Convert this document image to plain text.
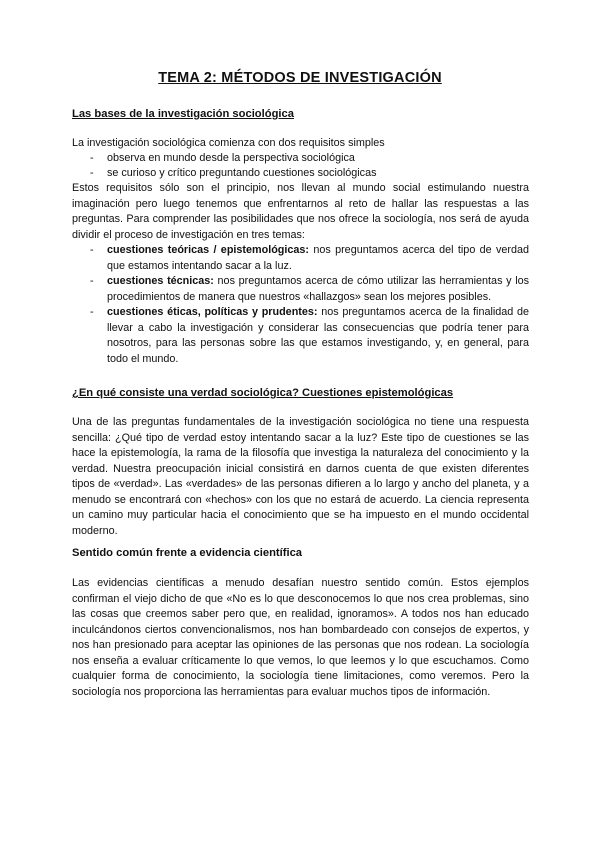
TEMA 2: MÉTODOS DE INVESTIGACIÓN
Las bases de la investigación sociológica
La investigación sociológica comienza con dos requisitos simples
-	observa en mundo desde la perspectiva sociológica
-	se curioso y crítico preguntando cuestiones sociológicas
Estos requisitos sólo son el principio, nos llevan al mundo social estimulando nuestra imaginación pero luego tenemos que enfrentarnos al reto de hallar las respuestas a las preguntas. Para comprender las posibilidades que nos ofrece la sociología, nos será de ayuda dividir el proceso de investigación en tres temas:
-	cuestiones teóricas / epistemológicas: nos preguntamos acerca del tipo de verdad que estamos intentando sacar a la luz.
-	cuestiones técnicas: nos preguntamos acerca de cómo utilizar las herramientas y los procedimientos de manera que nuestros «hallazgos» sean los mejores posibles.
-	cuestiones éticas, políticas y prudentes: nos preguntamos acerca de la finalidad de llevar a cabo la investigación y considerar las consecuencias que podría tener para nosotros, para las personas sobre las que estamos investigando, y, en general, para todo el mundo.
¿En qué consiste una verdad sociológica? Cuestiones epistemológicas
Una de las preguntas fundamentales de la investigación sociológica no tiene una respuesta sencilla: ¿Qué tipo de verdad estoy intentando sacar a la luz? Este tipo de cuestiones se las hace la epistemología, la rama de la filosofía que investiga la naturaleza del conocimiento y la verdad. Nuestra preocupación inicial consistirá en darnos cuenta de que existen diferentes tipos de «verdad». Las «verdades» de las personas difieren a lo largo y ancho del planeta, y a menudo se encontrará con «hechos» con los que no estará de acuerdo. La ciencia representa un camino muy particular hacia el conocimiento que se ha impuesto en el mundo occidental moderno.
Sentido común frente a evidencia científica
Las evidencias científicas a menudo desafían nuestro sentido común. Estos ejemplos confirman el viejo dicho de que «No es lo que desconocemos lo que nos crea problemas, sino las cosas que creemos saber pero que, en realidad, ignoramos». A todos nos han educado inculcándonos ciertos convencionalismos, nos han bombardeado con consejos de expertos, y nos han presionado para aceptar las opiniones de las personas que nos rodean. La sociología nos enseña a evaluar críticamente lo que vemos, lo que leemos y lo que escuchamos. Como cualquier forma de conocimiento, la sociología tiene limitaciones, como veremos. Pero la sociología nos proporciona las herramientas para evaluar muchos tipos de información.
